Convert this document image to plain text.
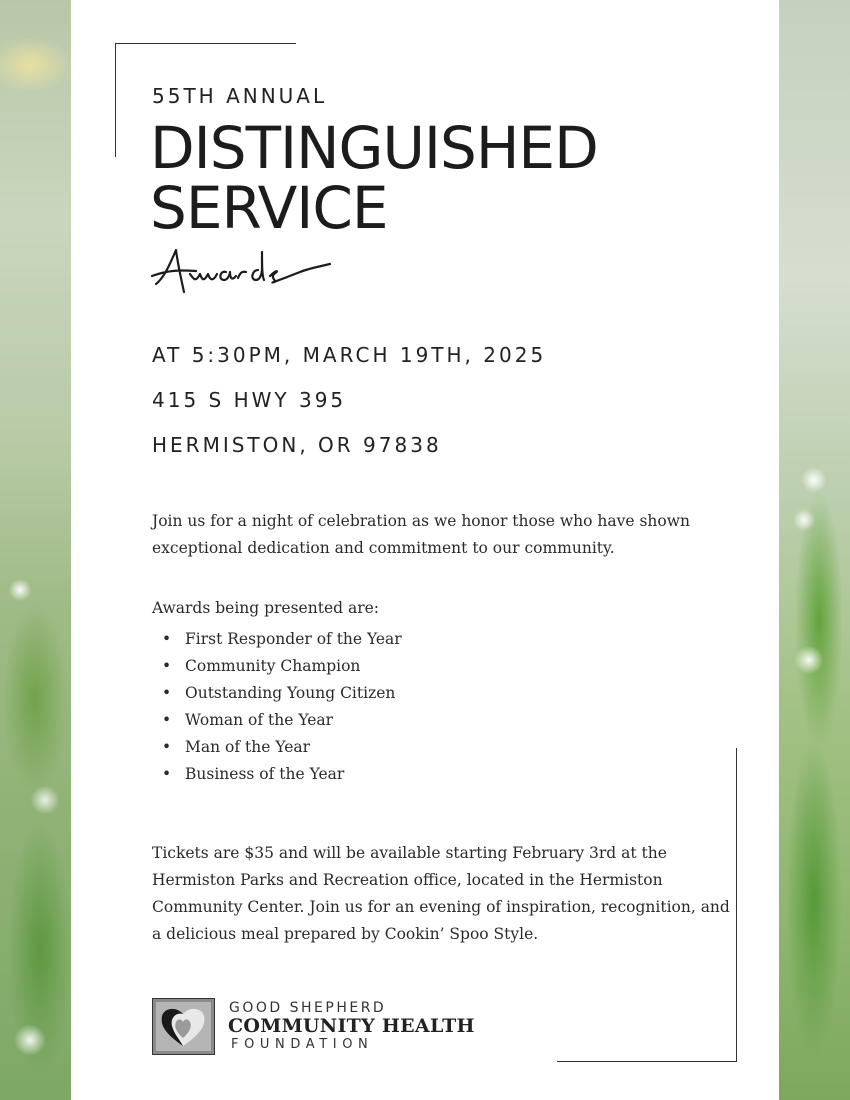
55TH ANNUAL
DISTINGUISHED
SERVICE
AT 5:30PM, MARCH 19TH, 2025
415 S HWY 395
HERMISTON, OR 97838

Join us for a night of celebration as we honor those who have shown exceptional dedication and commitment to our community.

Awards being presented are:
• First Responder of the Year
• Community Champion
• Outstanding Young Citizen
• Woman of the Year
• Man of the Year
• Business of the Year

Tickets are $35 and will be available starting February 3rd at the Hermiston Parks and Recreation office, located in the Hermiston Community Center. Join us for an evening of inspiration, recognition, and a delicious meal prepared by Cookin’ Spoo Style.

GOOD SHEPHERD
COMMUNITY HEALTH
FOUNDATION
